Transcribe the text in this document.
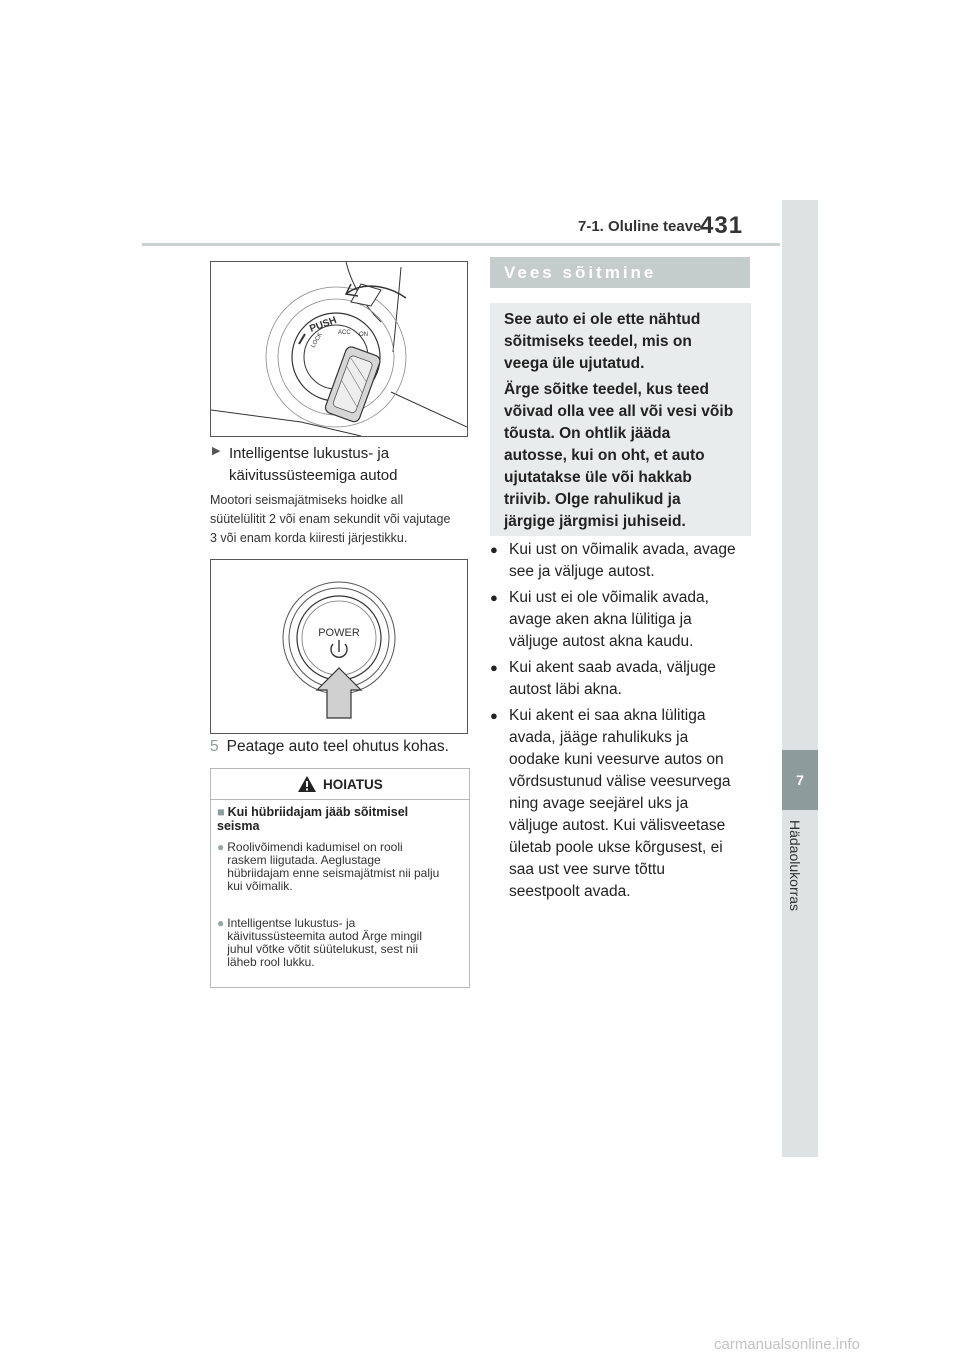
7-1. Oluline teave
431
7
Hädaolukorras
PUSH ACC ON
LOCK
▶ Intelligentse lukustus- ja
käivitussüsteemiga autod
Mootori seismajätmiseks hoidke all
süütelülitit 2 või enam sekundit või vajutage
3 või enam korda kiiresti järjestikku.
POWER
5 Peatage auto teel ohutus kohas.
HOIATUS
■ Kui hübriidajam jääb sõitmisel
seisma
● Roolivõimendi kadumisel on rooli
raskem liigutada. Aeglustage
hübriidajam enne seismajätmist nii palju
kui võimalik.
● Intelligentse lukustus- ja
käivitussüsteemita autod Ärge mingil
juhul võtke võtit süütelukust, sest nii
läheb rool lukku.
Vees sõitmine

See auto ei ole ette nähtud
sõitmiseks teedel, mis on
veega üle ujutatud.

Ärge sõitke teedel, kus teed
võivad olla vee all või vesi võib
tõusta. On ohtlik jääda
autosse, kui on oht, et auto
ujutatakse üle või hakkab
triivib. Olge rahulikud ja
järgige järgmisi juhiseid.

● Kui ust on võimalik avada, avage
see ja väljuge autost.
● Kui ust ei ole võimalik avada,
avage aken akna lülitiga ja
väljuge autost akna kaudu.
● Kui akent saab avada, väljuge
autost läbi akna.
● Kui akent ei saa akna lülitiga
avada, jääge rahulikuks ja
oodake kuni veesurve autos on
võrdsustunud välise veesurvega
ning avage seejärel uks ja
väljuge autost. Kui välisveetase
ületab poole ukse kõrgusest, ei
saa ust vee surve tõttu
seestpoolt avada.
carmanualsonline.info
